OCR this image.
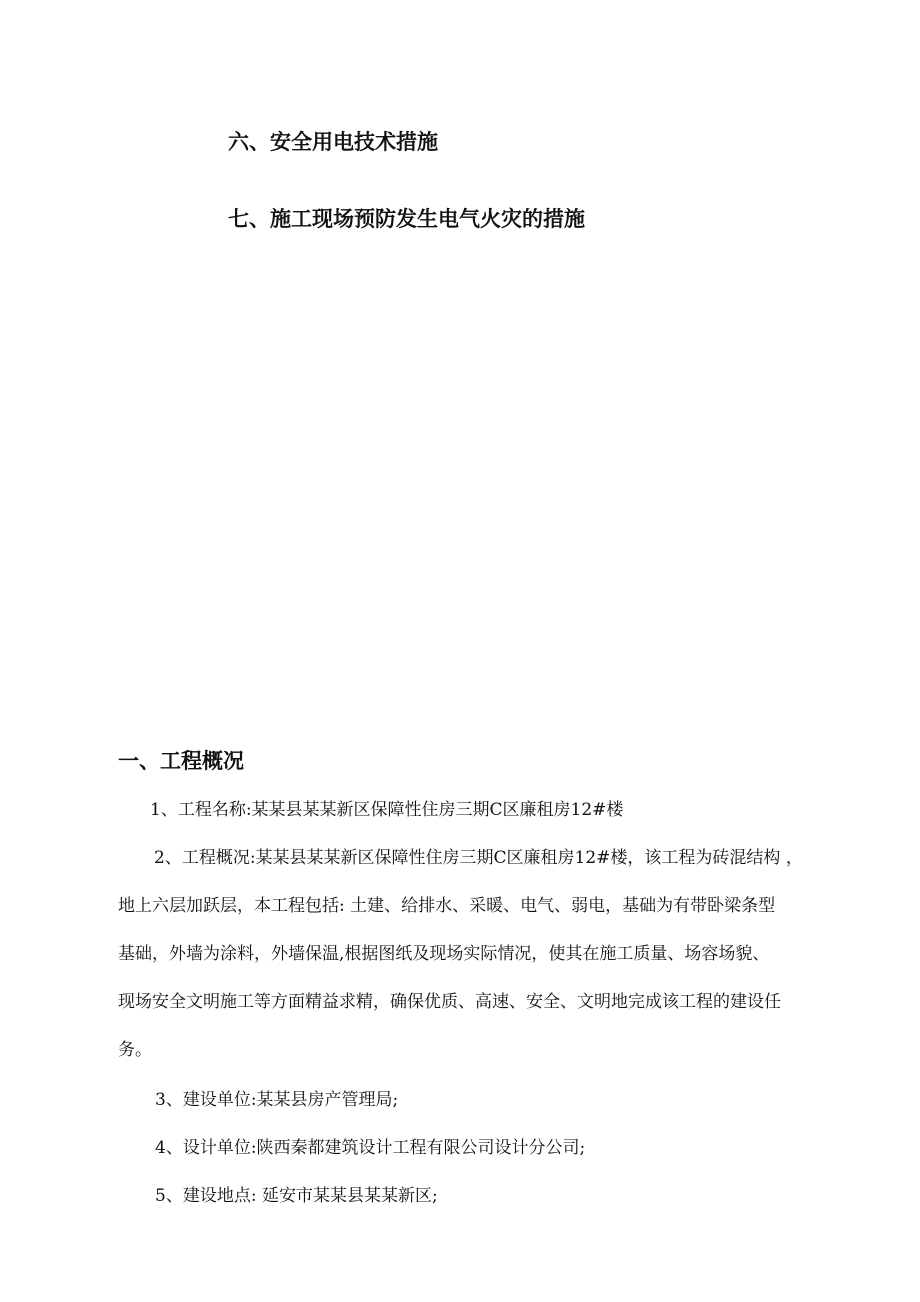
六、安全用电技术措施
七、施工现场预防发生电气火灾的措施
一、工程概况
1、工程名称:某某县某某新区保障性住房三期C区廉租房12#楼
2、工程概况:某某县某某新区保障性住房三期C区廉租房12#楼，该工程为砖混结构 ，
地上六层加跃层，本工程包括: 土建、给排水、采暖、电气、弱电，基础为有带卧梁条型
基础，外墙为涂料，外墙保温,根据图纸及现场实际情况，使其在施工质量、场容场貌、
现场安全文明施工等方面精益求精，确保优质、高速、安全、文明地完成该工程的建设任
务。
3、建设单位:某某县房产管理局;
4、设计单位:陕西秦都建筑设计工程有限公司设计分公司;
5、建设地点: 延安市某某县某某新区;
